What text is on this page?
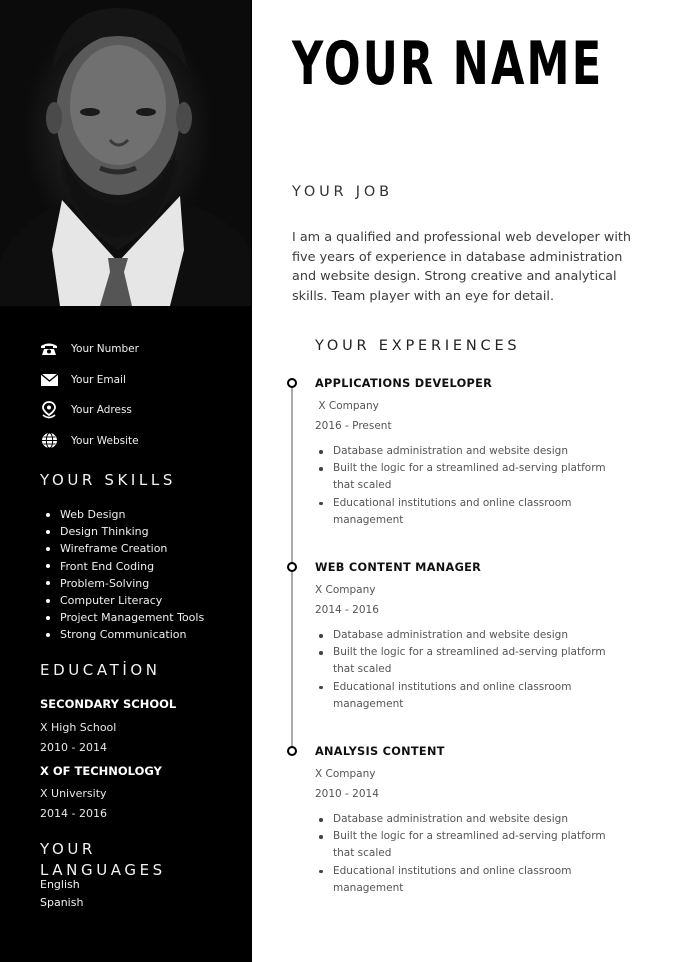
Your Number
Your Email
Your Adress
Your Website
YOUR SKILLS
Web Design
Design Thinking
Wireframe Creation
Front End Coding
Problem-Solving
Computer Literacy
Project Management Tools
Strong Communication
EDUCATİON
SECONDARY SCHOOL
X High School
2010 - 2014
X OF TECHNOLOGY
X University
2014 - 2016
YOUR
LANGUAGES
English
Spanish
YOUR NAME
YOUR JOB
I am a qualified and professional web developer with five years of experience in database administration and website design. Strong creative and analytical skills. Team player with an eye for detail.
YOUR EXPERIENCES
APPLICATIONS DEVELOPER
X Company
2016 - Present
Database administration and website design
Built the logic for a streamlined ad-serving platform that scaled
Educational institutions and online classroom management
WEB CONTENT MANAGER
X Company
2014 - 2016
Database administration and website design
Built the logic for a streamlined ad-serving platform that scaled
Educational institutions and online classroom management
ANALYSIS CONTENT
X Company
2010 - 2014
Database administration and website design
Built the logic for a streamlined ad-serving platform that scaled
Educational institutions and online classroom management
